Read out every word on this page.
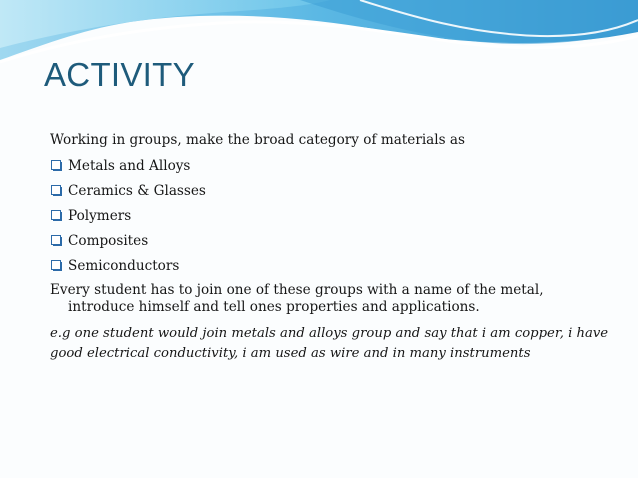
ACTIVITY
Working in groups, make the broad category of materials as
Metals and Alloys
Ceramics & Glasses
Polymers
Composites
Semiconductors
Every student has to join one of these groups with a name of the metal, introduce himself and tell ones properties and applications.
e.g one student would join metals and alloys group and say that i am copper, i have good electrical conductivity, i am used as wire and in many instruments
